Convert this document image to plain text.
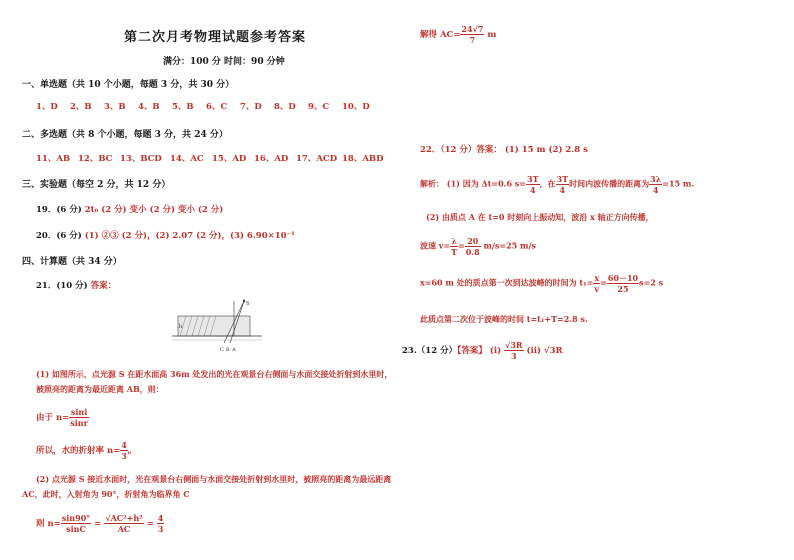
第二次月考物理试题参考答案
满分：100 分 时间：90 分钟
一、单选题（共 10 个小题，每题 3 分，共 30 分）
1、D 2、B 3、B 4、B 5、B 6、C 7、D 8、D 9、C 10、D
二、多选题（共 8 个小题，每题 3 分，共 24 分）
11、AB 12、BC 13、BCD 14、AC 15、AD 16、AD 17、ACD 18、ABD
三、实验题（每空 2 分，共 12 分）
19．(6 分) 2t₀ (2 分) 变小 (2 分) 变小 (2 分)
20．(6 分) (1) ②③ (2 分)，(2) 2.07 (2 分)，(3) 6.90×10⁻¹
四、计算题（共 34 分）
21．(10 分) 答案：
S
h
C B A
(1) 如图所示，点光源 S 在距水面高 36m 处发出的光在观景台右侧面与水面交接处折射到水里时，
被照亮的距离为最近距离 AB，则：
由于 $n= \frac{\sin i}{\sin r}$
所以，水的折射率 $n= \frac{4}{3}$ 。
(2) 点光源 S 接近水面时，光在观景台右侧面与水面交接处折射到水里时，被照亮的距离为最远距离
AC，此时，入射角为 90°，折射角为临界角 C
则 $n= \frac{\sin 90^\circ}{\sin C} = \frac{\text{√AC²+h²}}{AC} = \frac{4}{3}$
解得 $AC= \frac{24√7}{7}$ m
22．（12 分）答案： (1) 15 m (2) 2.8 s
解析： (1) 因为 Δt=0.6 $s= \frac{3T}{4}$ ，在 $\frac{3T}{4}$ 时间内波传播的距离为 $\frac{3\lambda}{4} =15$ m.
(2) 由质点 A 在 t=0 时刻向上振动知，波沿 x 轴正方向传播，
波速 $v= \frac{\lambda}{T} = \frac{20}{0.8} m/s=25$ m/s
x=60 m 处的质点第一次到达波峰的时间为 $t_1= \frac{x}{v} = \frac{60-10}{25} s=2$ s
此质点第二次位于波峰的时间 t=t₁+T=2.8 s.
23.（12 分）【答案】 $(i) \frac{√3R}{3} (ii)$ √3R
